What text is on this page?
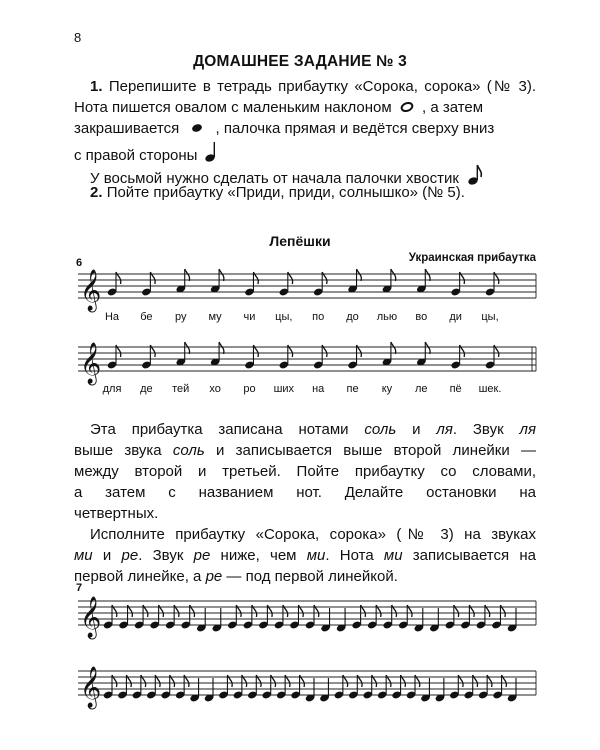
8
ДОМАШНЕЕ ЗАДАНИЕ № 3
1. Перепишите в тетрадь прибаутку «Сорока, сорока» (№ 3).
Нота пишется овалом с маленьким наклоном , а затем
закрашивается , палочка прямая и ведётся сверху вниз
с правой стороны
У восьмой нужно сделать от начала палочки хвостик
2. Пойте прибаутку «Приди, приди, солнышко» (№ 5).
Лепёшки
Украинская прибаутка
6
𝄞
𝄞
𝄞
𝄞
На бе ру му чи цы, по до лью во ди цы,
для де тей хо ро ших на пе ку ле пё шек.
Эта прибаутка записана нотами соль и ля. Звук ля
выше звука соль и записывается выше второй линейки —
между второй и третьей. Пойте прибаутку со словами,
а затем с названием нот. Делайте остановки на
четвертных.
Исполните прибаутку «Сорока, сорока» (№ 3) на звуках
ми и ре. Звук ре ниже, чем ми. Нота ми записывается на
первой линейке, а ре — под первой линейкой.
7
